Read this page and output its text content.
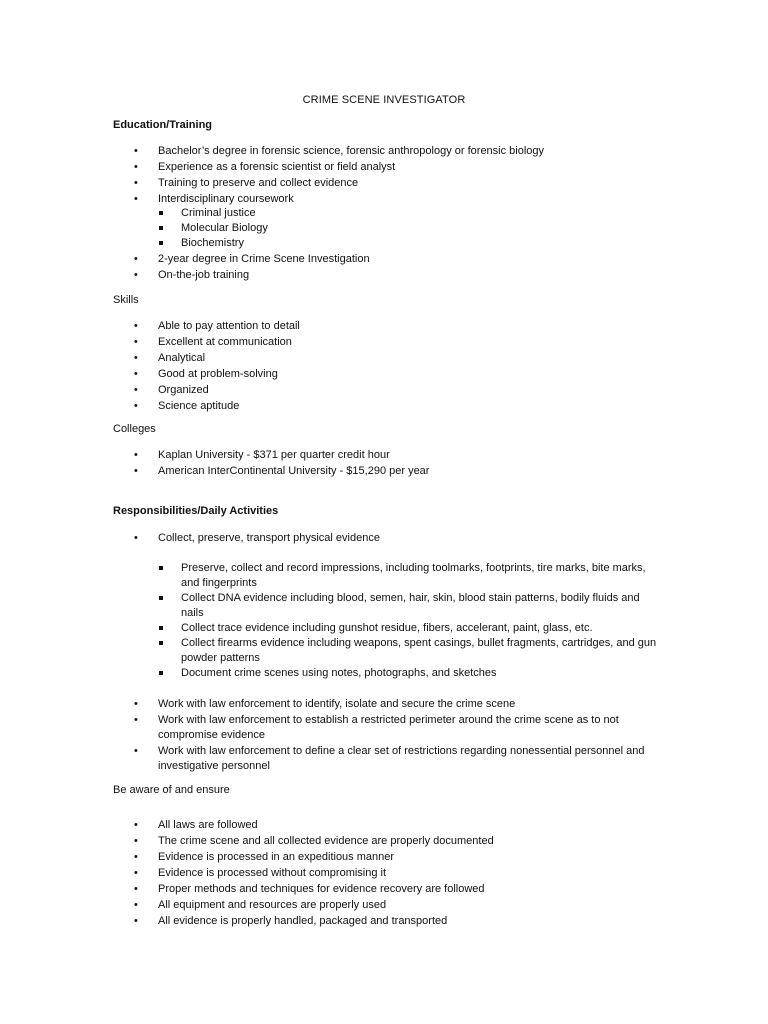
CRIME SCENE INVESTIGATOR
Education/Training
• Bachelor’s degree in forensic science, forensic anthropology or forensic biology
• Experience as a forensic scientist or field analyst
• Training to preserve and collect evidence
• Interdisciplinary coursework
Criminal justice
Molecular Biology
Biochemistry
• 2-year degree in Crime Scene Investigation
• On-the-job training
Skills
• Able to pay attention to detail
• Excellent at communication
• Analytical
• Good at problem-solving
• Organized
• Science aptitude
Colleges
• Kaplan University - $371 per quarter credit hour
• American InterContinental University - $15,290 per year
Responsibilities/Daily Activities
• Collect, preserve, transport physical evidence
Preserve, collect and record impressions, including toolmarks, footprints, tire marks, bite marks, and fingerprints
Collect DNA evidence including blood, semen, hair, skin, blood stain patterns, bodily fluids and nails
Collect trace evidence including gunshot residue, fibers, accelerant, paint, glass, etc.
Collect firearms evidence including weapons, spent casings, bullet fragments, cartridges, and gun powder patterns
Document crime scenes using notes, photographs, and sketches
• Work with law enforcement to identify, isolate and secure the crime scene
• Work with law enforcement to establish a restricted perimeter around the crime scene as to not compromise evidence
• Work with law enforcement to define a clear set of restrictions regarding nonessential personnel and investigative personnel
Be aware of and ensure
• All laws are followed
• The crime scene and all collected evidence are properly documented
• Evidence is processed in an expeditious manner
• Evidence is processed without compromising it
• Proper methods and techniques for evidence recovery are followed
• All equipment and resources are properly used
• All evidence is properly handled, packaged and transported
